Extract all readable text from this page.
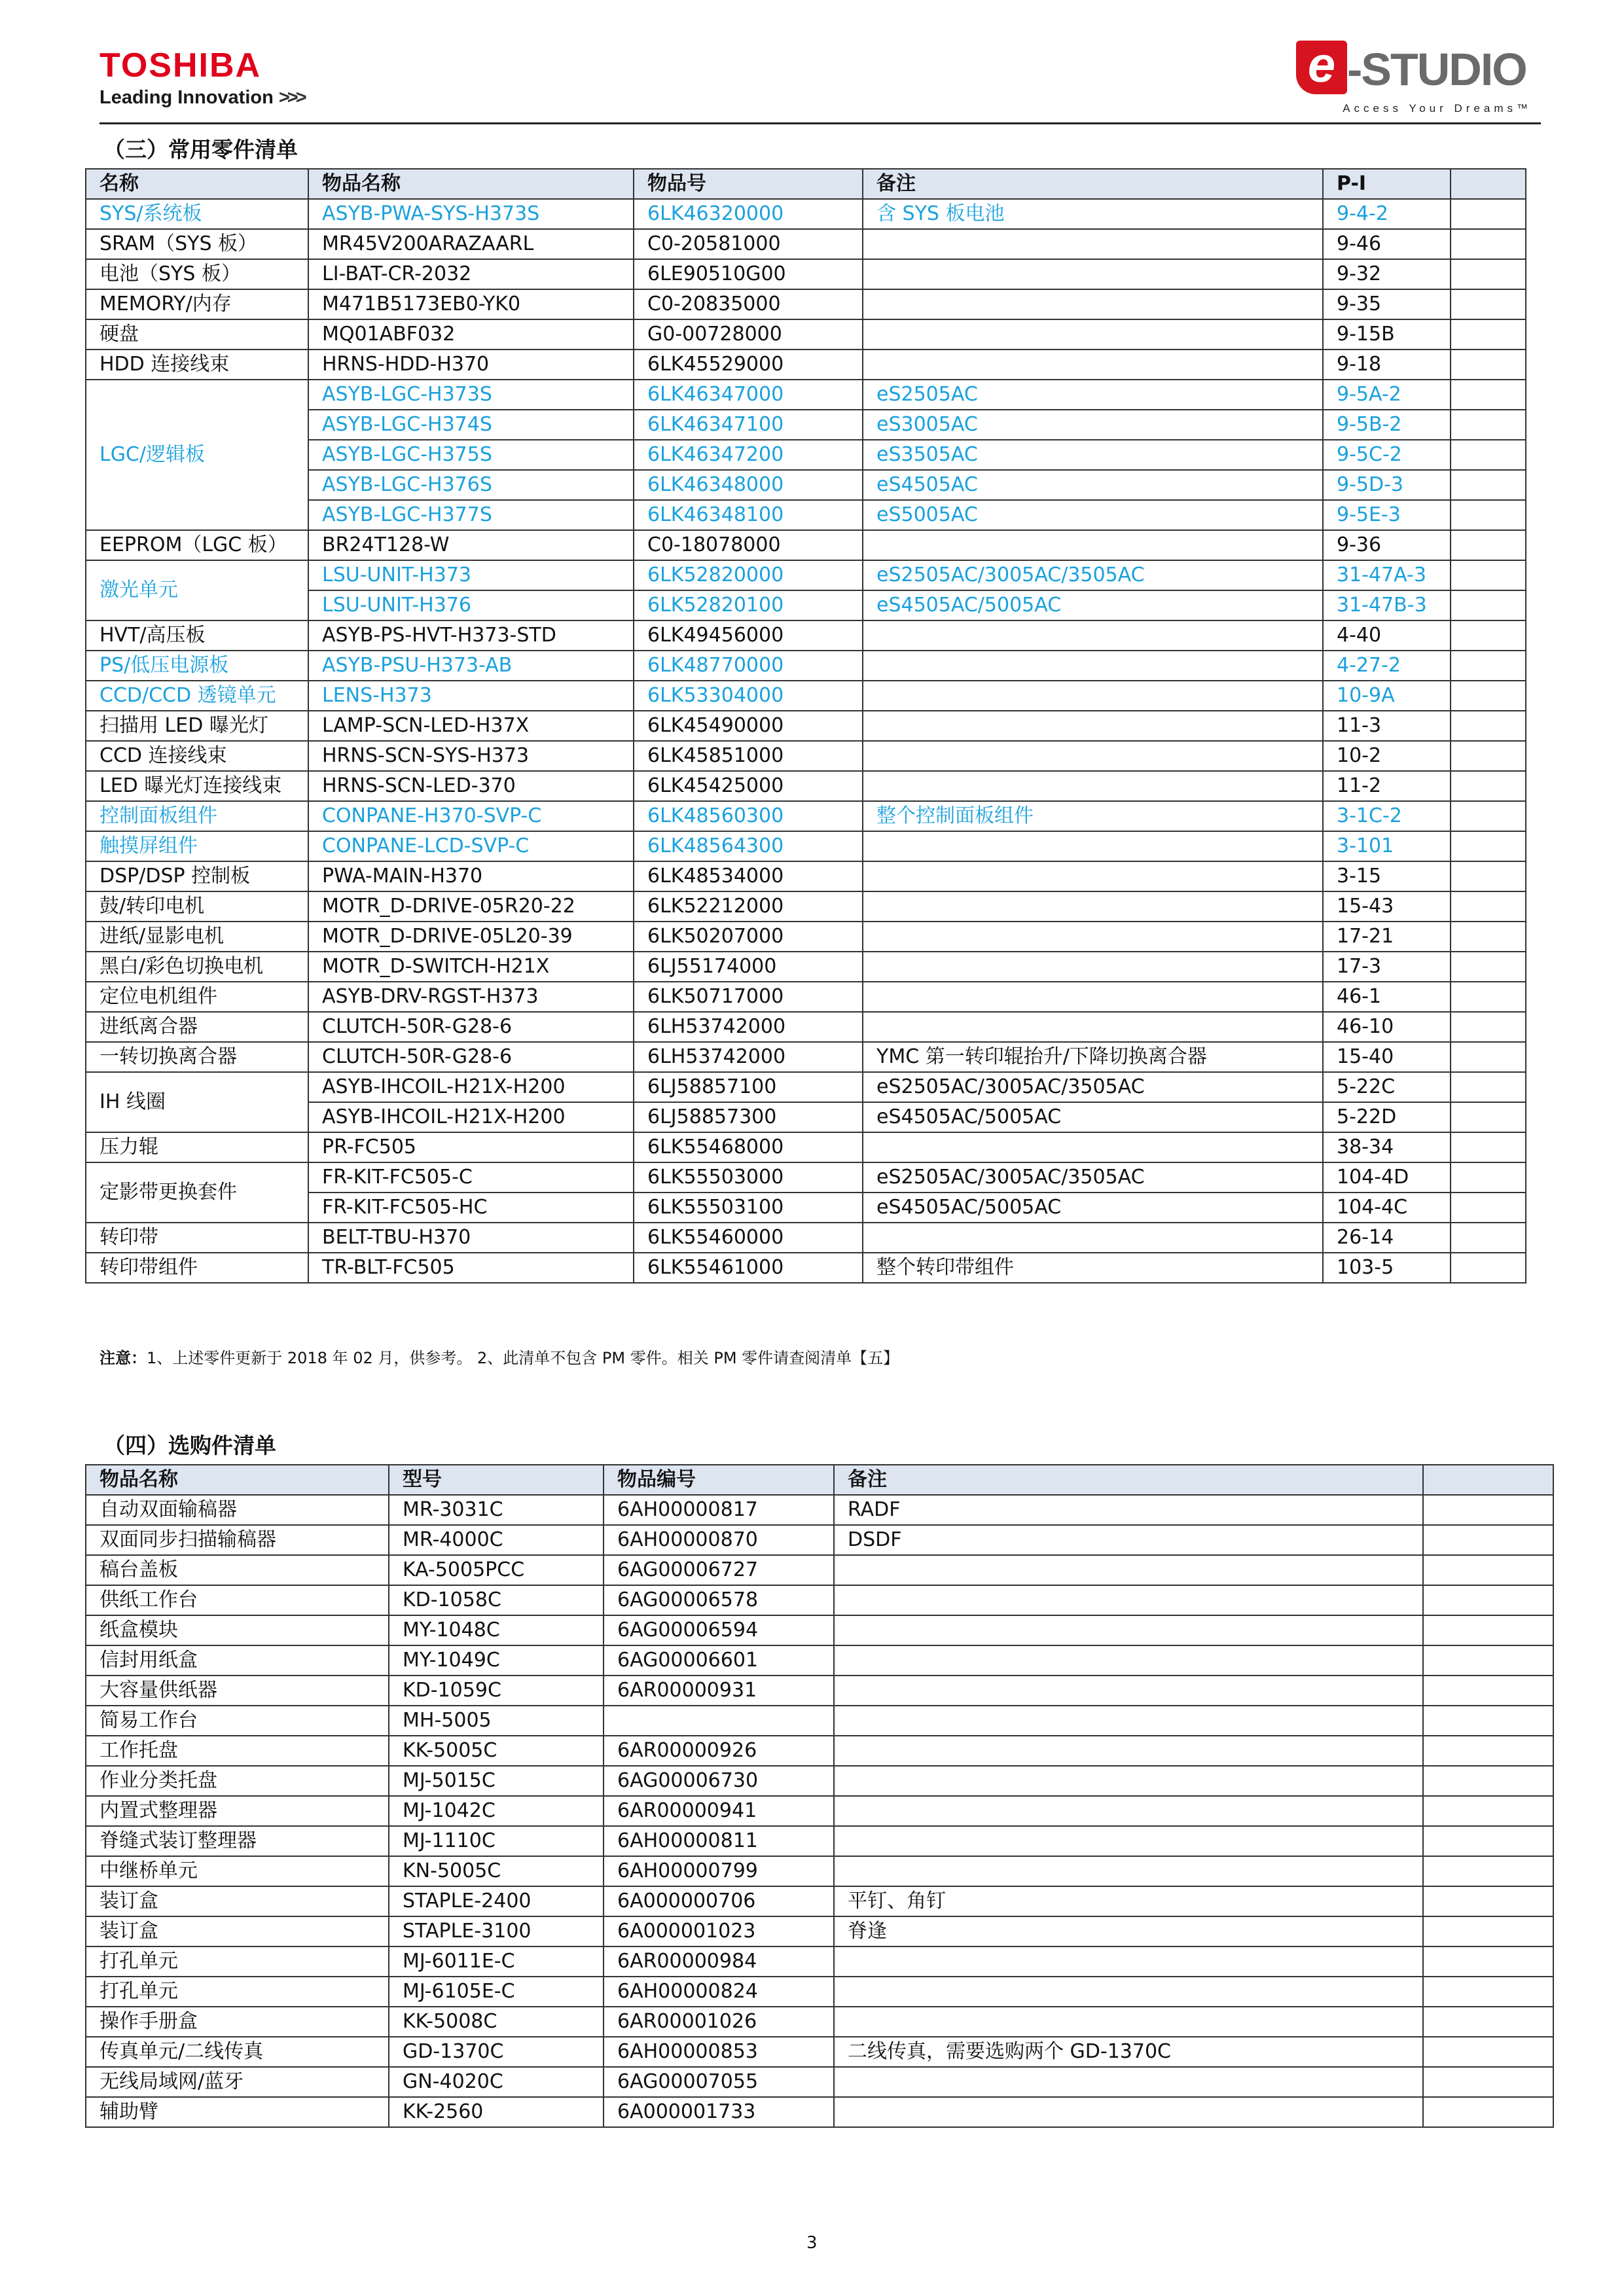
TOSHIBA
Leading Innovation >>>
e -STUDIO
Access Your Dreams™
（三）常用零件清单
名称	物品名称	物品号	备注	P-I	
SYS/系统板	ASYB-PWA-SYS-H373S	6LK46320000	含 SYS 板电池	9-4-2	
SRAM（SYS 板）	MR45V200ARAZAARL	C0-20581000		9-46	
电池（SYS 板）	LI-BAT-CR-2032	6LE90510G00		9-32	
MEMORY/内存	M471B5173EB0-YK0	C0-20835000		9-35	
硬盘	MQ01ABF032	G0-00728000		9-15B	
HDD 连接线束	HRNS-HDD-H370	6LK45529000		9-18	
LGC/逻辑板	ASYB-LGC-H373S	6LK46347000	eS2505AC	9-5A-2	
	ASYB-LGC-H374S	6LK46347100	eS3005AC	9-5B-2	
	ASYB-LGC-H375S	6LK46347200	eS3505AC	9-5C-2	
	ASYB-LGC-H376S	6LK46348000	eS4505AC	9-5D-3	
	ASYB-LGC-H377S	6LK46348100	eS5005AC	9-5E-3	
EEPROM（LGC 板）	BR24T128-W	C0-18078000		9-36	
激光单元	LSU-UNIT-H373	6LK52820000	eS2505AC/3005AC/3505AC	31-47A-3	
	LSU-UNIT-H376	6LK52820100	eS4505AC/5005AC	31-47B-3	
HVT/高压板	ASYB-PS-HVT-H373-STD	6LK49456000		4-40	
PS/低压电源板	ASYB-PSU-H373-AB	6LK48770000		4-27-2	
CCD/CCD 透镜单元	LENS-H373	6LK53304000		10-9A	
扫描用 LED 曝光灯	LAMP-SCN-LED-H37X	6LK45490000		11-3	
CCD 连接线束	HRNS-SCN-SYS-H373	6LK45851000		10-2	
LED 曝光灯连接线束	HRNS-SCN-LED-370	6LK45425000		11-2	
控制面板组件	CONPANE-H370-SVP-C	6LK48560300	整个控制面板组件	3-1C-2	
触摸屏组件	CONPANE-LCD-SVP-C	6LK48564300		3-101	
DSP/DSP 控制板	PWA-MAIN-H370	6LK48534000		3-15	
鼓/转印电机	MOTR_D-DRIVE-05R20-22	6LK52212000		15-43	
进纸/显影电机	MOTR_D-DRIVE-05L20-39	6LK50207000		17-21	
黑白/彩色切换电机	MOTR_D-SWITCH-H21X	6LJ55174000		17-3	
定位电机组件	ASYB-DRV-RGST-H373	6LK50717000		46-1	
进纸离合器	CLUTCH-50R-G28-6	6LH53742000		46-10	
一转切换离合器	CLUTCH-50R-G28-6	6LH53742000	YMC 第一转印辊抬升/下降切换离合器	15-40	
IH 线圈	ASYB-IHCOIL-H21X-H200	6LJ58857100	eS2505AC/3005AC/3505AC	5-22C	
	ASYB-IHCOIL-H21X-H200	6LJ58857300	eS4505AC/5005AC	5-22D	
压力辊	PR-FC505	6LK55468000		38-34	
定影带更换套件	FR-KIT-FC505-C	6LK55503000	eS2505AC/3005AC/3505AC	104-4D	
	FR-KIT-FC505-HC	6LK55503100	eS4505AC/5005AC	104-4C	
转印带	BELT-TBU-H370	6LK55460000		26-14	
转印带组件	TR-BLT-FC505	6LK55461000	整个转印带组件	103-5	
注意：1、上述零件更新于 2018 年 02 月，供参考。 2、此清单不包含 PM 零件。相关 PM 零件请查阅清单【五】
（四）选购件清单
物品名称	型号	物品编号	备注	
自动双面输稿器	MR-3031C	6AH00000817	RADF	
双面同步扫描输稿器	MR-4000C	6AH00000870	DSDF	
稿台盖板	KA-5005PCC	6AG00006727		
供纸工作台	KD-1058C	6AG00006578		
纸盒模块	MY-1048C	6AG00006594		
信封用纸盒	MY-1049C	6AG00006601		
大容量供纸器	KD-1059C	6AR00000931		
简易工作台	MH-5005			
工作托盘	KK-5005C	6AR00000926		
作业分类托盘	MJ-5015C	6AG00006730		
内置式整理器	MJ-1042C	6AR00000941		
脊缝式装订整理器	MJ-1110C	6AH00000811		
中继桥单元	KN-5005C	6AH00000799		
装订盒	STAPLE-2400	6A000000706	平钉、角钉	
装订盒	STAPLE-3100	6A000001023	脊逢	
打孔单元	MJ-6011E-C	6AR00000984		
打孔单元	MJ-6105E-C	6AH00000824		
操作手册盒	KK-5008C	6AR00001026		
传真单元/二线传真	GD-1370C	6AH00000853	二线传真，需要选购两个 GD-1370C	
无线局域网/蓝牙	GN-4020C	6AG00007055		
辅助臂	KK-2560	6A000001733		
3
